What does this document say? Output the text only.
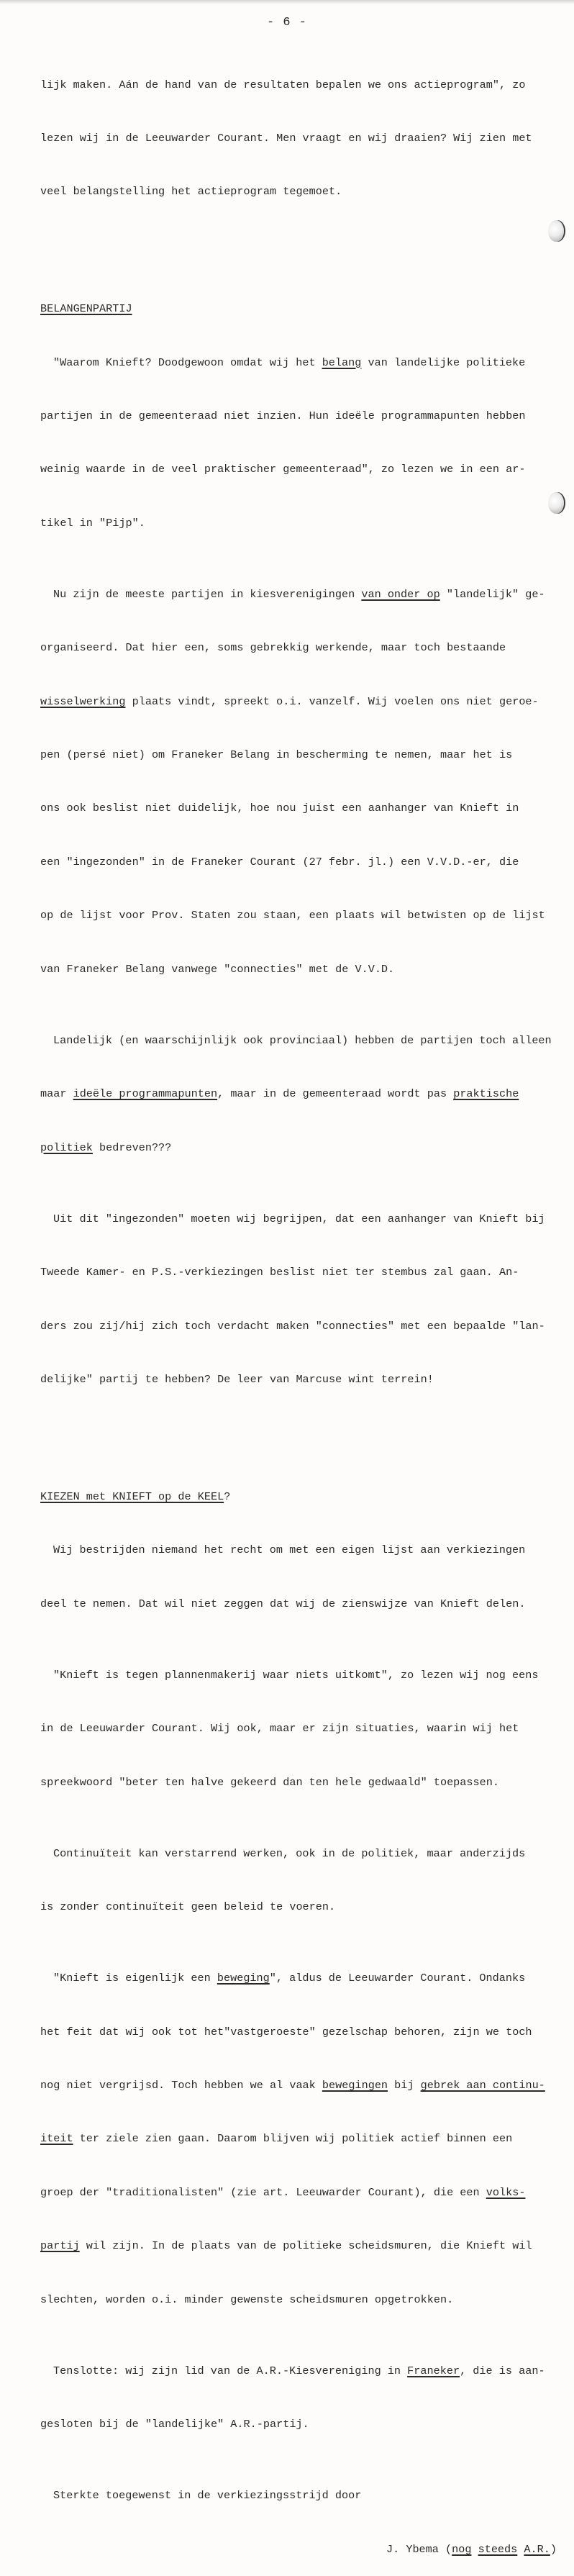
- 6 -

lijk maken. Aán de hand van de resultaten bepalen we ons actieprogram", zo

lezen wij in de Leeuwarder Courant. Men vraagt en wij draaien? Wij zien met

veel belangstelling het actieprogram tegemoet.

BELANGENPARTIJ

"Waarom Knieft? Doodgewoon omdat wij het belang van landelijke politieke

partijen in de gemeenteraad niet inzien. Hun ideële programmapunten hebben

weinig waarde in de veel praktischer gemeenteraad", zo lezen we in een ar-

tikel in "Pijp".

Nu zijn de meeste partijen in kiesverenigingen van onder op "landelijk" ge-

organiseerd. Dat hier een, soms gebrekkig werkende, maar toch bestaande

wisselwerking plaats vindt, spreekt o.i. vanzelf. Wij voelen ons niet geroe-

pen (persé niet) om Franeker Belang in bescherming te nemen, maar het is

ons ook beslist niet duidelijk, hoe nou juist een aanhanger van Knieft in

een "ingezonden" in de Franeker Courant (27 febr. jl.) een V.V.D.-er, die

op de lijst voor Prov. Staten zou staan, een plaats wil betwisten op de lijst

van Franeker Belang vanwege "connecties" met de V.V.D.

Landelijk (en waarschijnlijk ook provinciaal) hebben de partijen toch alleen

maar ideële programmapunten, maar in de gemeenteraad wordt pas praktische

politiek bedreven???

Uit dit "ingezonden" moeten wij begrijpen, dat een aanhanger van Knieft bij

Tweede Kamer- en P.S.-verkiezingen beslist niet ter stembus zal gaan. An-

ders zou zij/hij zich toch verdacht maken "connecties" met een bepaalde "lan-

delijke" partij te hebben? De leer van Marcuse wint terrein!

KIEZEN met KNIEFT op de KEEL?

Wij bestrijden niemand het recht om met een eigen lijst aan verkiezingen

deel te nemen. Dat wil niet zeggen dat wij de zienswijze van Knieft delen.

"Knieft is tegen plannenmakerij waar niets uitkomt", zo lezen wij nog eens

in de Leeuwarder Courant. Wij ook, maar er zijn situaties, waarin wij het

spreekwoord "beter ten halve gekeerd dan ten hele gedwaald" toepassen.

Continuïteit kan verstarrend werken, ook in de politiek, maar anderzijds

is zonder continuïteit geen beleid te voeren.

"Knieft is eigenlijk een beweging", aldus de Leeuwarder Courant. Ondanks

het feit dat wij ook tot het"vastgeroeste" gezelschap behoren, zijn we toch

nog niet vergrijsd. Toch hebben we al vaak bewegingen bij gebrek aan continu-

iteit ter ziele zien gaan. Daarom blijven wij politiek actief binnen een

groep der "traditionalisten" (zie art. Leeuwarder Courant), die een volks-

partij wil zijn. In de plaats van de politieke scheidsmuren, die Knieft wil

slechten, worden o.i. minder gewenste scheidsmuren opgetrokken.

Tenslotte: wij zijn lid van de A.R.-Kiesvereniging in Franeker, die is aan-

gesloten bij de "landelijke" A.R.-partij.

Sterkte toegewenst in de verkiezingsstrijd door

J. Ybema (nog steeds A.R.)
